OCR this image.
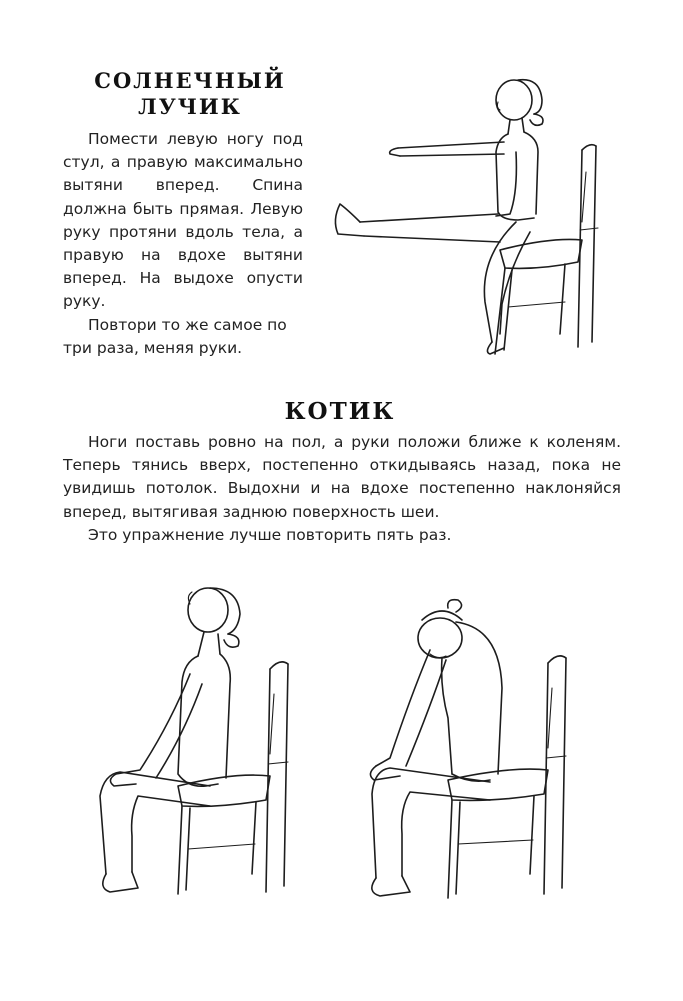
СОЛНЕЧНЫЙ
ЛУЧИК

Помести левую ногу под стул, а правую максимально вытяни вперед. Спина должна быть прямая. Левую руку протяни вдоль тела, а правую на вдохе вытяни вперед. На выдохе опусти руку.

Повтори то же самое по три раза, меняя руки.

КОТИК

Ноги поставь ровно на пол, а руки положи ближе к коленям. Теперь тянись вверх, постепенно откидываясь назад, пока не увидишь потолок. Выдохни и на вдохе постепенно наклоняйся вперед, вытягивая заднюю поверхность шеи.

Это упражнение лучше повторить пять раз.
